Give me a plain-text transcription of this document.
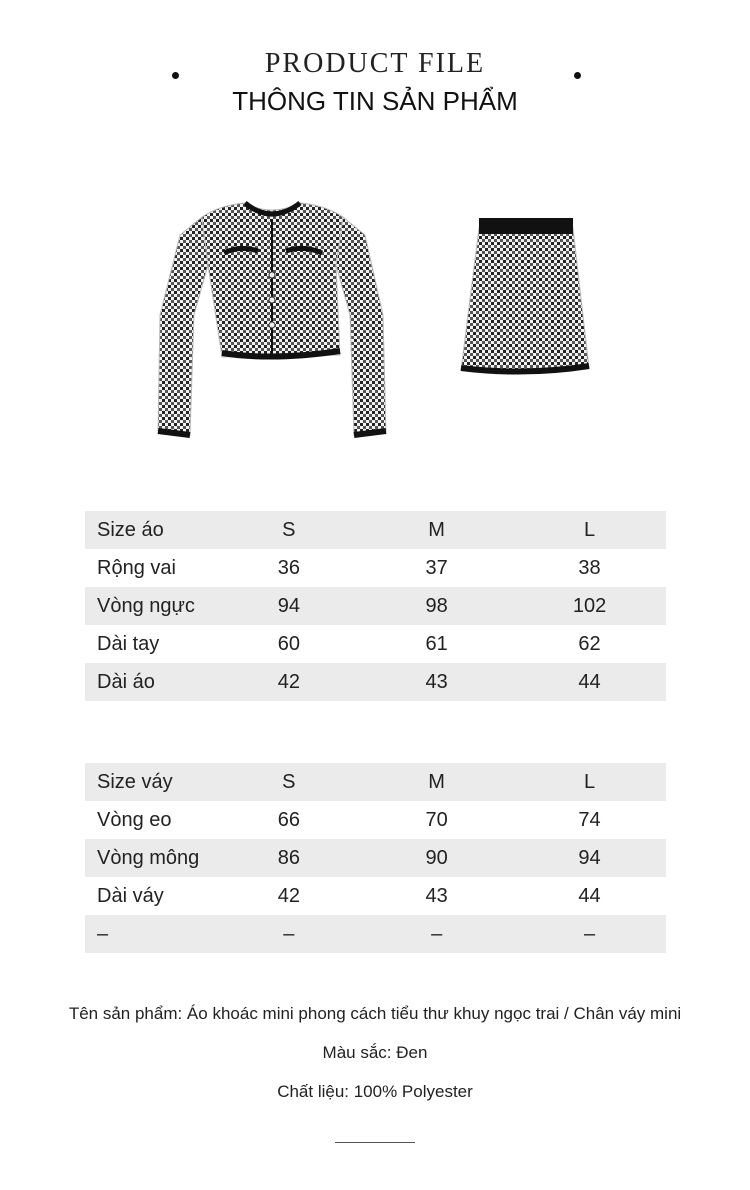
PRODUCT FILE
THÔNG TIN SẢN PHẨM
Size áo	S	M	L
Rộng vai	36	37	38
Vòng ngực	94	98	102
Dài tay	60	61	62
Dài áo	42	43	44
Size váy	S	M	L
Vòng eo	66	70	74
Vòng mông	86	90	94
Dài váy	42	43	44
–	–	–	–
Tên sản phẩm: Áo khoác mini phong cách tiểu thư khuy ngọc trai / Chân váy mini
Màu sắc: Đen
Chất liệu: 100% Polyester
